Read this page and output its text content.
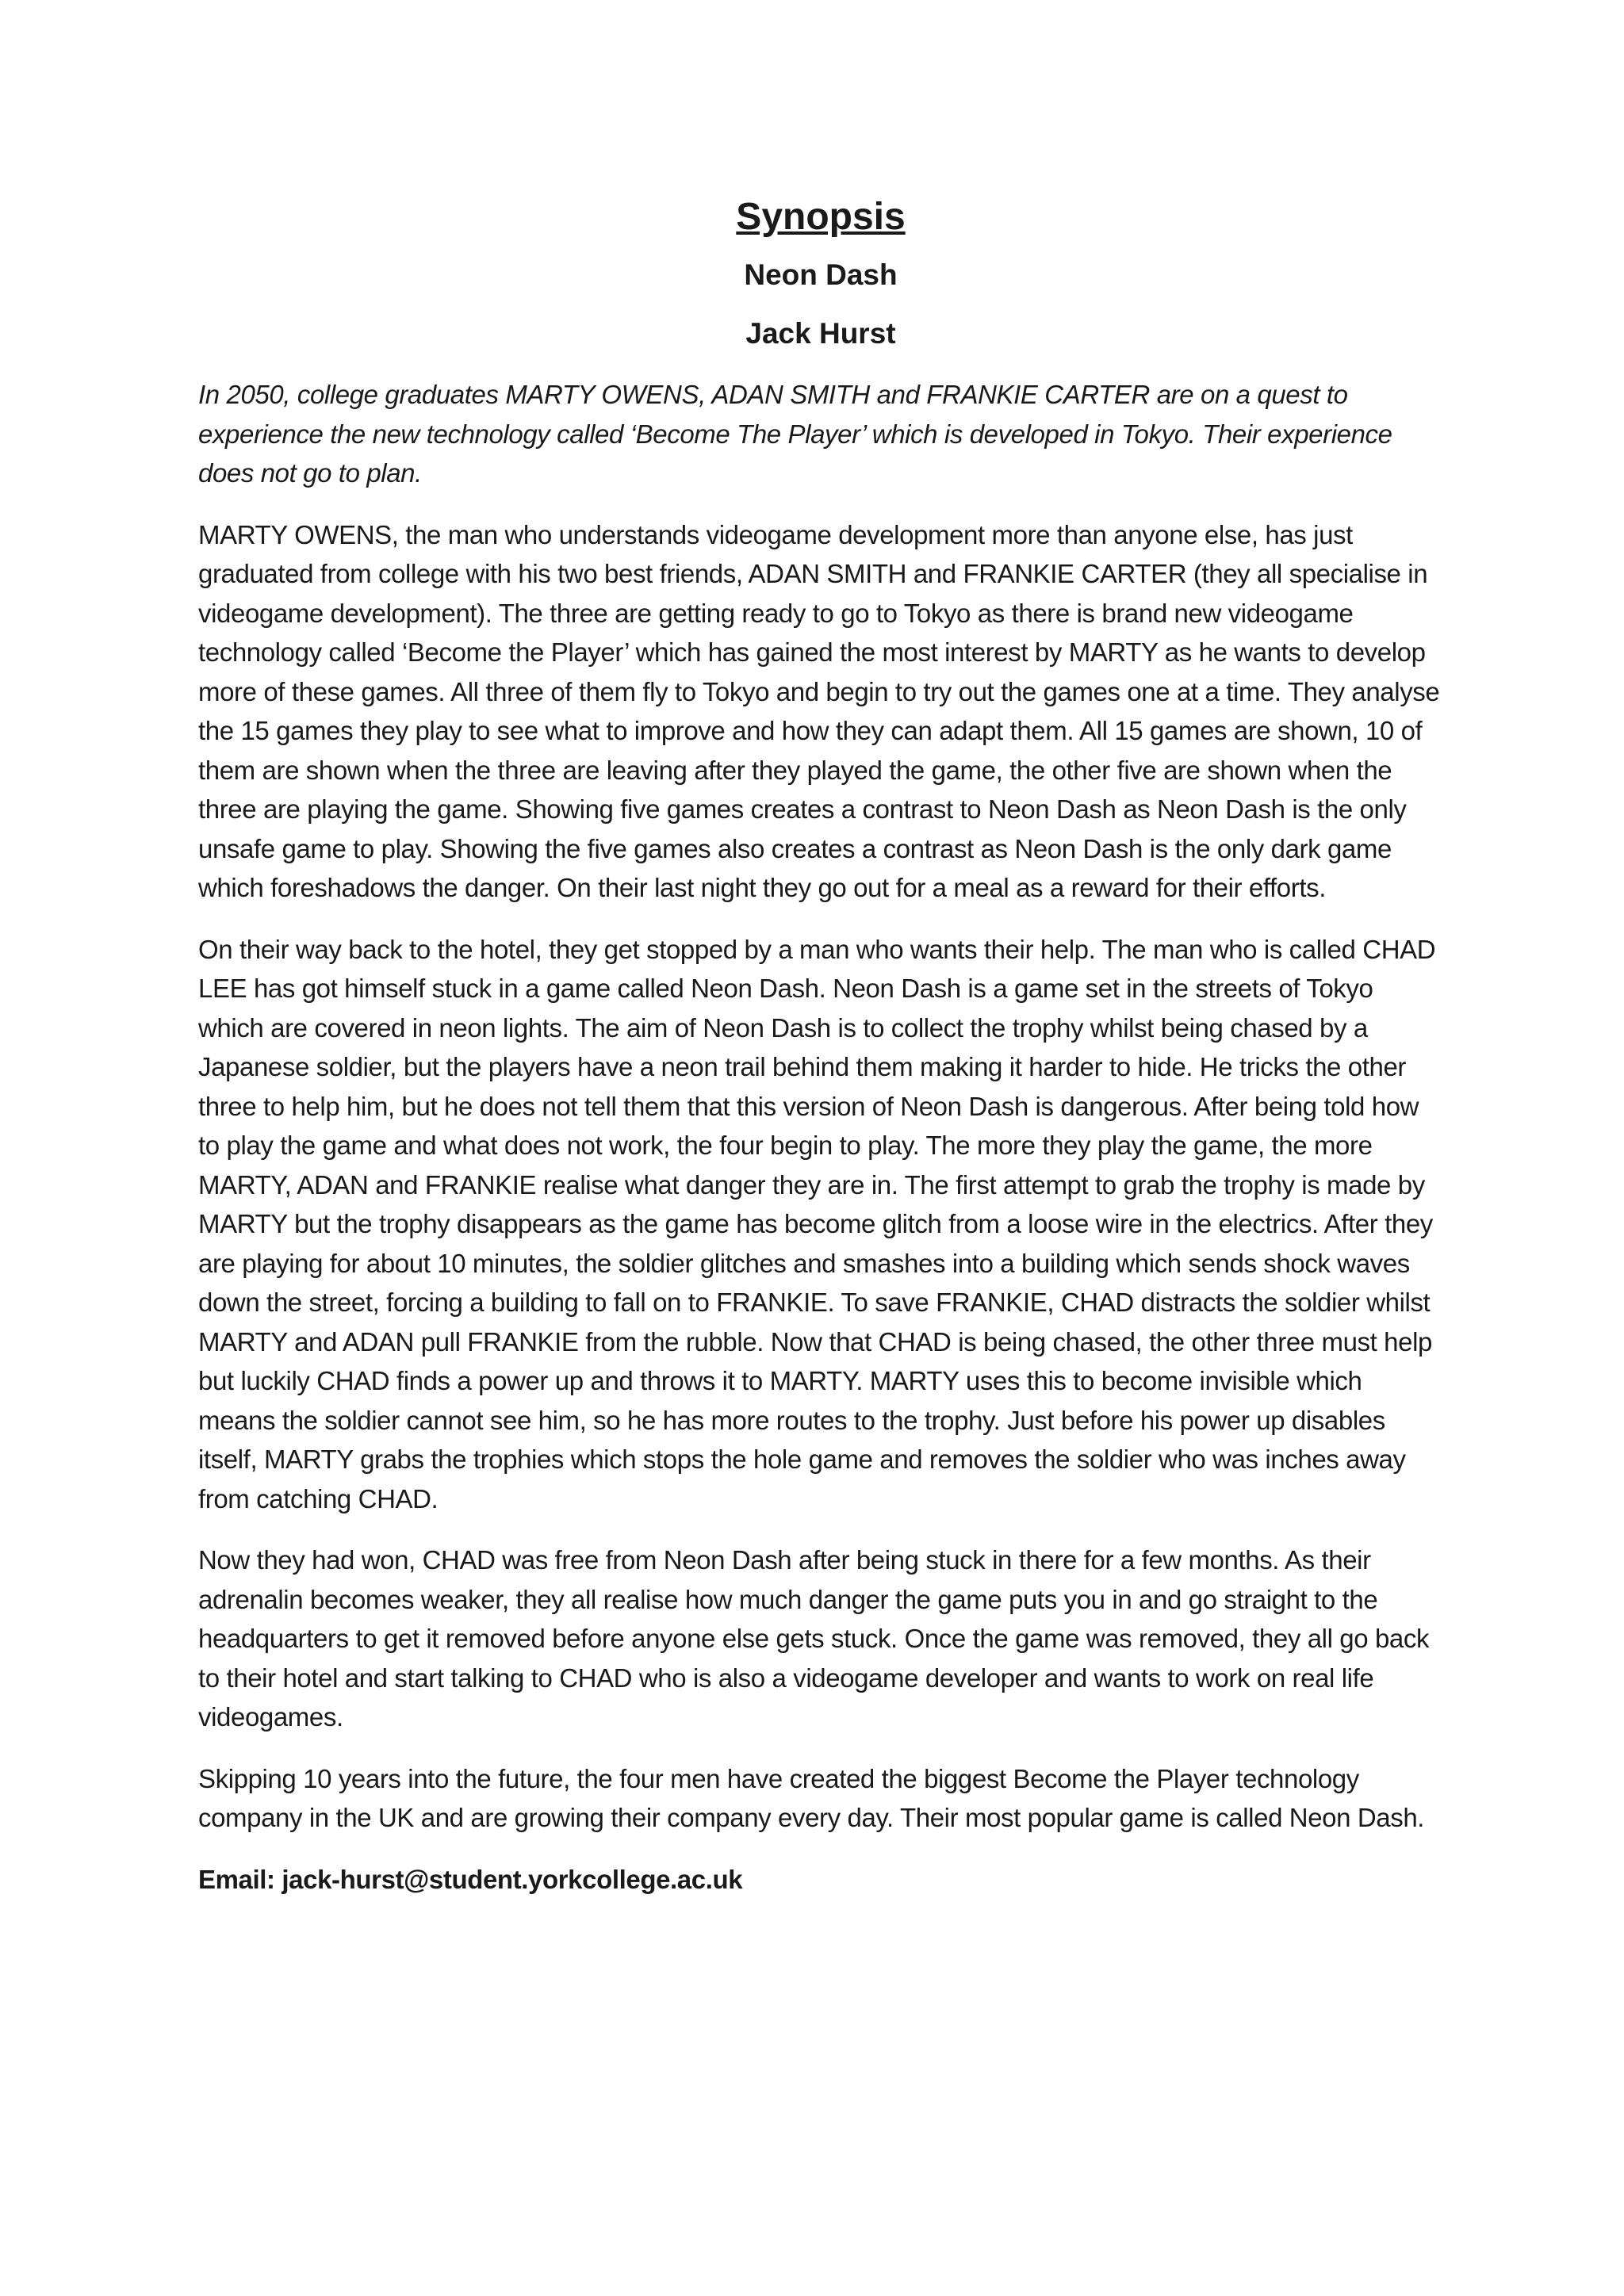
Synopsis
Neon Dash
Jack Hurst

In 2050, college graduates MARTY OWENS, ADAN SMITH and FRANKIE CARTER are on a quest to experience the new technology called ‘Become The Player’ which is developed in Tokyo. Their experience does not go to plan.

MARTY OWENS, the man who understands videogame development more than anyone else, has just graduated from college with his two best friends, ADAN SMITH and FRANKIE CARTER (they all specialise in videogame development). The three are getting ready to go to Tokyo as there is brand new videogame technology called ‘Become the Player’ which has gained the most interest by MARTY as he wants to develop more of these games. All three of them fly to Tokyo and begin to try out the games one at a time. They analyse the 15 games they play to see what to improve and how they can adapt them. All 15 games are shown, 10 of them are shown when the three are leaving after they played the game, the other five are shown when the three are playing the game. Showing five games creates a contrast to Neon Dash as Neon Dash is the only unsafe game to play. Showing the five games also creates a contrast as Neon Dash is the only dark game which foreshadows the danger. On their last night they go out for a meal as a reward for their efforts.

On their way back to the hotel, they get stopped by a man who wants their help. The man who is called CHAD LEE has got himself stuck in a game called Neon Dash. Neon Dash is a game set in the streets of Tokyo which are covered in neon lights. The aim of Neon Dash is to collect the trophy whilst being chased by a Japanese soldier, but the players have a neon trail behind them making it harder to hide. He tricks the other three to help him, but he does not tell them that this version of Neon Dash is dangerous. After being told how to play the game and what does not work, the four begin to play. The more they play the game, the more MARTY, ADAN and FRANKIE realise what danger they are in. The first attempt to grab the trophy is made by MARTY but the trophy disappears as the game has become glitch from a loose wire in the electrics. After they are playing for about 10 minutes, the soldier glitches and smashes into a building which sends shock waves down the street, forcing a building to fall on to FRANKIE. To save FRANKIE, CHAD distracts the soldier whilst MARTY and ADAN pull FRANKIE from the rubble. Now that CHAD is being chased, the other three must help but luckily CHAD finds a power up and throws it to MARTY. MARTY uses this to become invisible which means the soldier cannot see him, so he has more routes to the trophy. Just before his power up disables itself, MARTY grabs the trophies which stops the hole game and removes the soldier who was inches away from catching CHAD.

Now they had won, CHAD was free from Neon Dash after being stuck in there for a few months. As their adrenalin becomes weaker, they all realise how much danger the game puts you in and go straight to the headquarters to get it removed before anyone else gets stuck. Once the game was removed, they all go back to their hotel and start talking to CHAD who is also a videogame developer and wants to work on real life videogames.

Skipping 10 years into the future, the four men have created the biggest Become the Player technology company in the UK and are growing their company every day. Their most popular game is called Neon Dash.

Email: jack-hurst@student.yorkcollege.ac.uk
